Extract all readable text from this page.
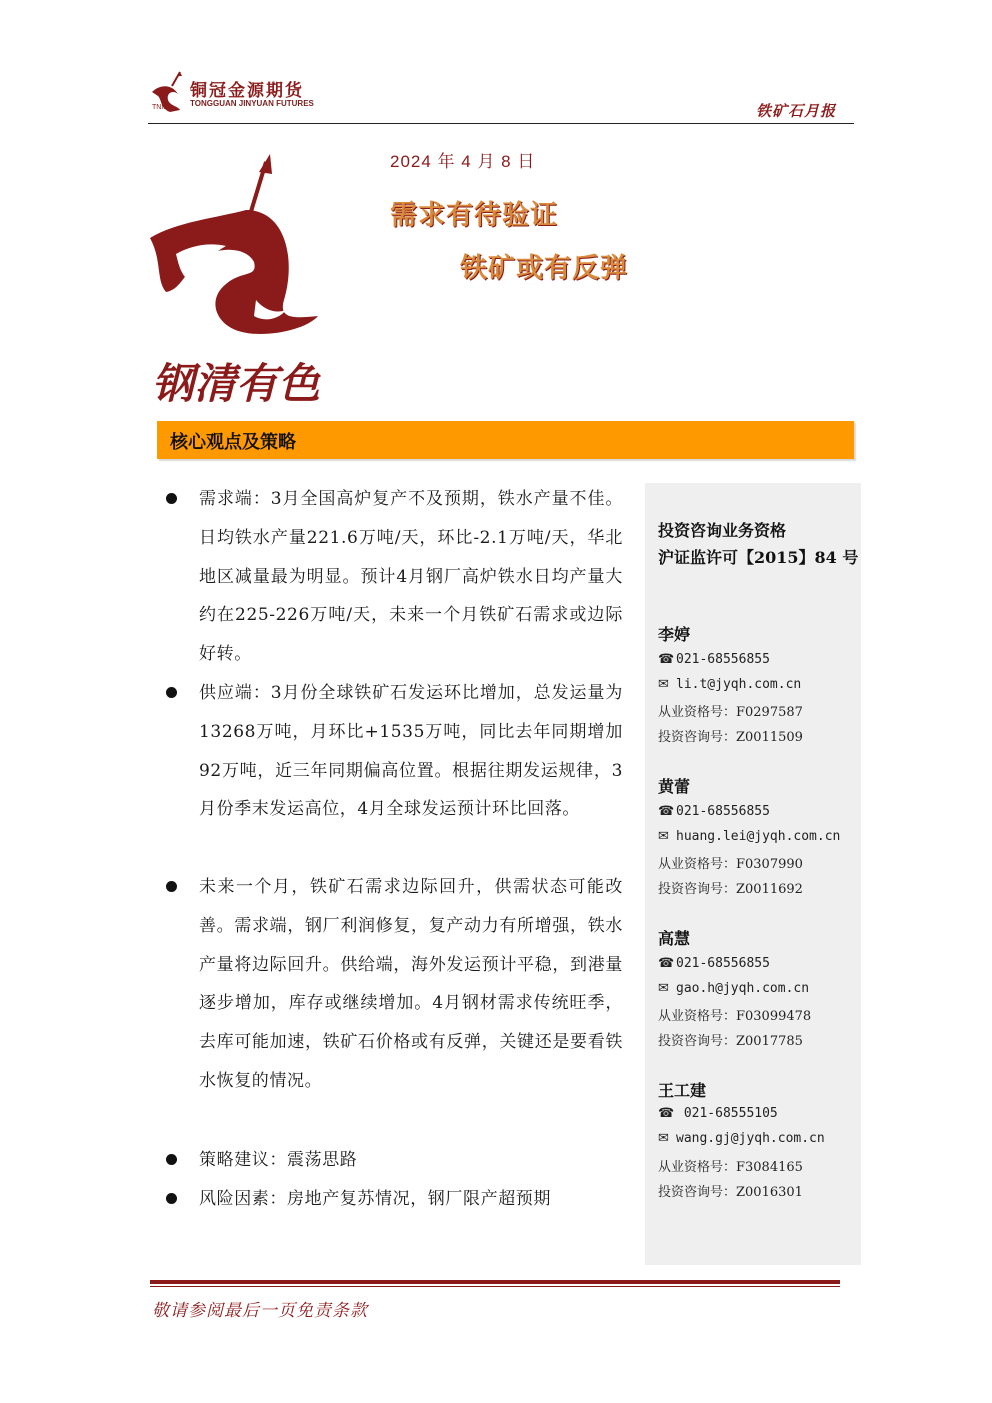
铜冠金源期货
TONGGUAN JINYUAN FUTURES
TNMC	铁矿石月报
钢清有色
2024 年 4 月 8 日
需求有待验证
铁矿或有反弹
核心观点及策略
需求端：3月全国高炉复产不及预期，铁水产量不佳。日均铁水产量221.6万吨/天，环比-2.1万吨/天，华北地区减量最为明显。预计4月钢厂高炉铁水日均产量大约在225-226万吨/天，未来一个月铁矿石需求或边际好转。
供应端：3月份全球铁矿石发运环比增加，总发运量为13268万吨，月环比+1535万吨，同比去年同期增加92万吨，近三年同期偏高位置。根据往期发运规律，3月份季末发运高位，4月全球发运预计环比回落。
未来一个月，铁矿石需求边际回升，供需状态可能改善。需求端，钢厂利润修复，复产动力有所增强，铁水产量将边际回升。供给端，海外发运预计平稳，到港量逐步增加，库存或继续增加。4月钢材需求传统旺季，去库可能加速，铁矿石价格或有反弹，关键还是要看铁水恢复的情况。
策略建议：震荡思路
风险因素：房地产复苏情况，钢厂限产超预期
投资咨询业务资格
沪证监许可【2015】84 号
李婷
☎ 021-68556855
✉ li.t@jyqh.com.cn
从业资格号：F0297587
投资咨询号：Z0011509
黄蕾
☎ 021-68556855
✉ huang.lei@jyqh.com.cn
从业资格号：F0307990
投资咨询号：Z0011692
高慧
☎ 021-68556855
✉ gao.h@jyqh.com.cn
从业资格号：F03099478
投资咨询号：Z0017785
王工建
☎ 021-68555105
✉ wang.gj@jyqh.com.cn
从业资格号：F3084165
投资咨询号：Z0016301
敬请参阅最后一页免责条款
